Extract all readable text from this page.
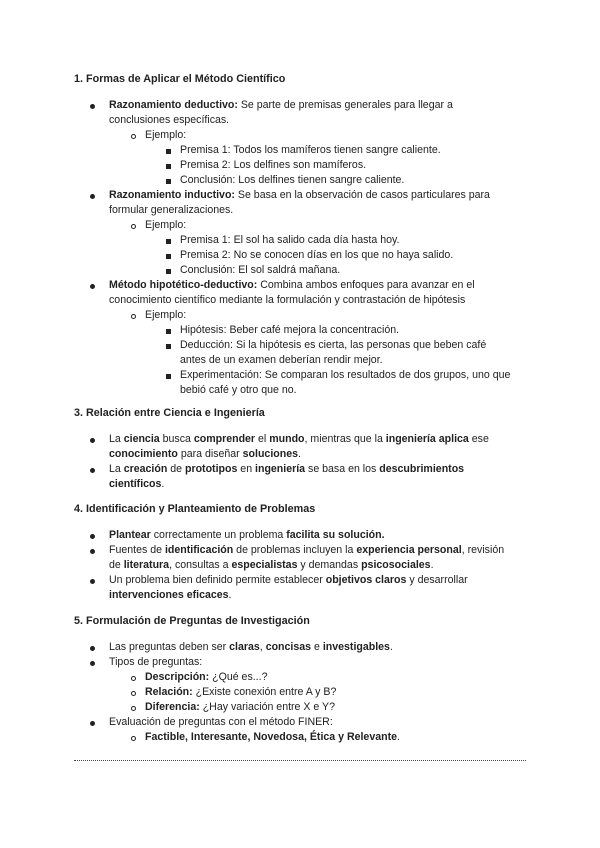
1. Formas de Aplicar el Método Científico
Razonamiento deductivo: Se parte de premisas generales para llegar a
conclusiones específicas.
Ejemplo:
Premisa 1: Todos los mamíferos tienen sangre caliente.
Premisa 2: Los delfines son mamíferos.
Conclusión: Los delfines tienen sangre caliente.
Razonamiento inductivo: Se basa en la observación de casos particulares para
formular generalizaciones.
Ejemplo:
Premisa 1: El sol ha salido cada día hasta hoy.
Premisa 2: No se conocen días en los que no haya salido.
Conclusión: El sol saldrá mañana.
Método hipotético-deductivo: Combina ambos enfoques para avanzar en el
conocimiento científico mediante la formulación y contrastación de hipótesis
Ejemplo:
Hipótesis: Beber café mejora la concentración.
Deducción: Si la hipótesis es cierta, las personas que beben café
antes de un examen deberían rendir mejor.
Experimentación: Se comparan los resultados de dos grupos, uno que
bebió café y otro que no.
3. Relación entre Ciencia e Ingeniería
La ciencia busca comprender el mundo, mientras que la ingeniería aplica ese
conocimiento para diseñar soluciones.
La creación de prototipos en ingeniería se basa en los descubrimientos
científicos.
4. Identificación y Planteamiento de Problemas
Plantear correctamente un problema facilita su solución.
Fuentes de identificación de problemas incluyen la experiencia personal, revisión
de literatura, consultas a especialistas y demandas psicosociales.
Un problema bien definido permite establecer objetivos claros y desarrollar
intervenciones eficaces.
5. Formulación de Preguntas de Investigación
Las preguntas deben ser claras, concisas e investigables.
Tipos de preguntas:
Descripción: ¿Qué es...?
Relación: ¿Existe conexión entre A y B?
Diferencia: ¿Hay variación entre X e Y?
Evaluación de preguntas con el método FINER:
Factible, Interesante, Novedosa, Ética y Relevante.
